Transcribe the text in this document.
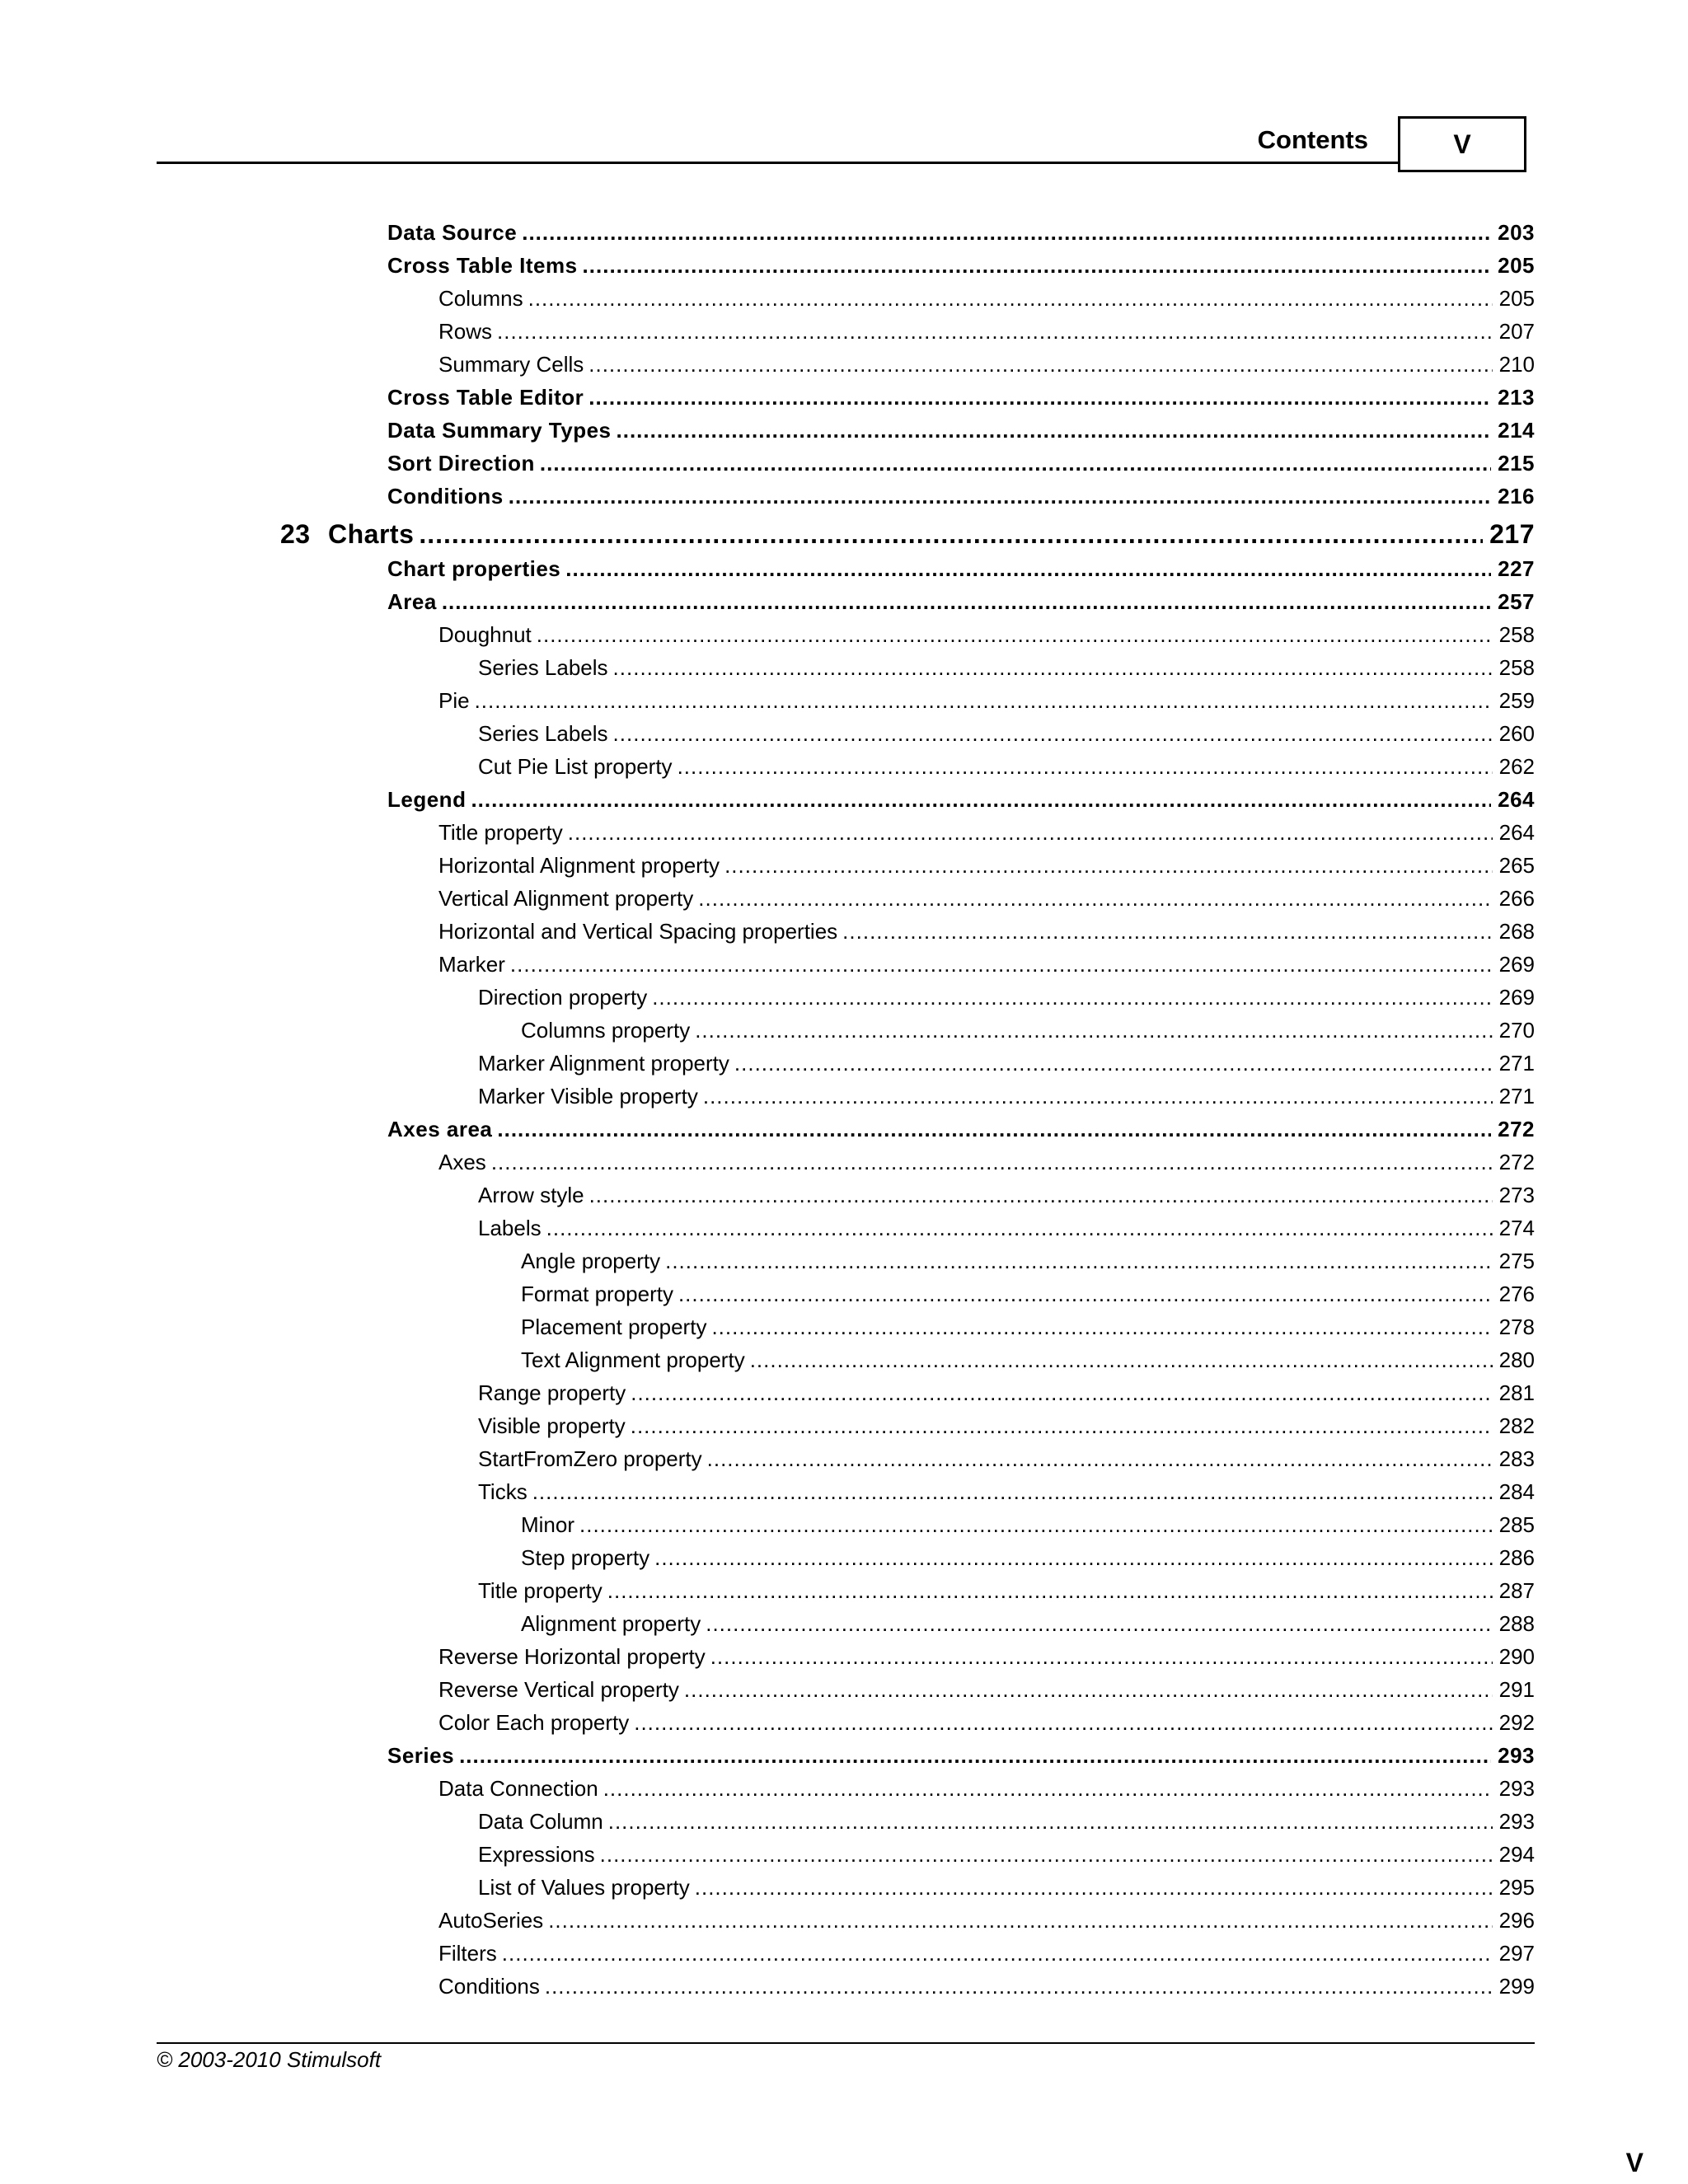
Contents	V
Data Source .....	203
Cross Table Items .....	205
Columns .....	205
Rows .....	207
Summary Cells .....	210
Cross Table Editor .....	213
Data Summary Types .....	214
Sort Direction .....	215
Conditions .....	216
23 Charts .....	217
Chart properties .....	227
Area .....	257
Doughnut .....	258
Series Labels .....	258
Pie .....	259
Series Labels .....	260
Cut Pie List property .....	262
Legend .....	264
Title property .....	264
Horizontal Alignment property .....	265
Vertical Alignment property .....	266
Horizontal and Vertical Spacing properties .....	268
Marker .....	269
Direction property .....	269
Columns property .....	270
Marker Alignment property .....	271
Marker Visible property .....	271
Axes area .....	272
Axes .....	272
Arrow style .....	273
Labels .....	274
Angle property .....	275
Format property .....	276
Placement property .....	278
Text Alignment property .....	280
Range property .....	281
Visible property .....	282
StartFromZero property .....	283
Ticks .....	284
Minor .....	285
Step property .....	286
Title property .....	287
Alignment property .....	288
Reverse Horizontal property .....	290
Reverse Vertical property .....	291
Color Each property .....	292
Series .....	293
Data Connection .....	293
Data Column .....	293
Expressions .....	294
List of Values property .....	295
AutoSeries .....	296
Filters .....	297
Conditions .....	299
© 2003-2010 Stimulsoft
V
